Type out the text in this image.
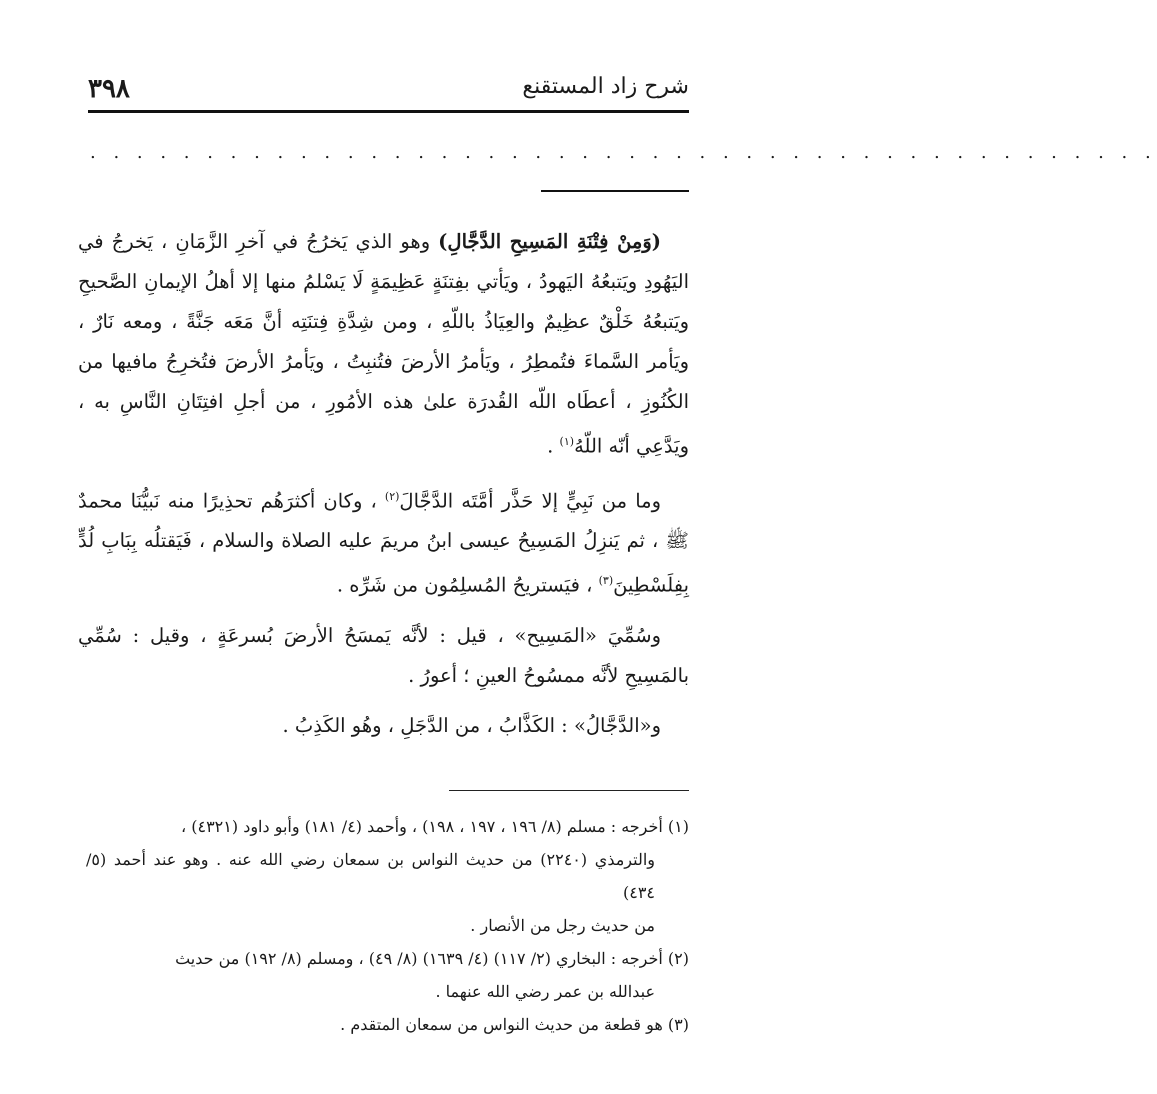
٣٩٨	شرح زاد المستقنع
. . . . . . . . . . . . . . . . . . . . . . . . . . . . . . . . . . . . . . . . . . . . . .

(وَمِنْ فِتْنَةِ المَسِيحِ الدَّجَّالِ) وهو الذي يَخرُجُ في آخرِ الزَّمَانِ ، يَخرجُ في اليَهُودِ ويَتبعُهُ اليَهودُ ، ويَأتي بفِتنَةٍ عَظِيمَةٍ لَا يَسْلمُ منها إلا أهلُ الإيمانِ الصَّحيحِ ويَتبعُهُ خَلْقٌ عظِيمٌ والعِيَاذُ باللّهِ ، ومن شِدَّةِ فِتنَتِه أنَّ مَعَه جَنَّةً ، ومعه نَارٌ ، ويَأمر السَّماءَ فتُمطِرُ ، ويَأمرُ الأرضَ فتُنبِتُ ، ويَأمرُ الأرضَ فتُخرِجُ مافيها من الكُنُوزِ ، أعطَاه اللّه القُدرَة علىٰ هذه الأمُورِ ، من أجلِ افتِتَانِ النَّاسِ به ، ويَدَّعِي أنّه اللّهُ$^{(١)}$ .

وما من نَبِيٍّ إلا حَذَّر أمَّتَه الدَّجَّالَ$^{(٢)}$ ، وكان أكثرَهُم تحذِيرًا منه نَبيُّنَا محمدٌ ﷺ ، ثم يَنزِلُ المَسِيحُ عيسى ابنُ مريمَ عليه الصلاة والسلام ، فَيَقتلُه بِبَابِ لُدٍّ بِفِلَسْطِينَ$^{(٣)}$ ، فيَستريحُ المُسلِمُون من شَرِّه .

وسُمِّيَ «المَسِيح» ، قيل : لأنَّه يَمسَحُ الأرضَ بُسرعَةٍ ، وقيل : سُمِّي بالمَسِيحِ لأنَّه ممسُوحُ العينِ ؛ أعورُ .

و«الدَّجَّالُ» : الكَذَّابُ ، من الدَّجَلِ ، وهُو الكَذِبُ .

(١) أخرجه : مسلم (٨/ ١٩٦ ، ١٩٧ ، ١٩٨) ، وأحمد (٤/ ١٨١) وأبو داود (٤٣٢١) ،

والترمذي (٢٢٤٠) من حديث النواس بن سمعان رضي الله عنه . وهو عند أحمد (٥/ ٤٣٤)

من حديث رجل من الأنصار .

(٢) أخرجه : البخاري (٢/ ١١٧) (٤/ ١٦٣٩) (٨/ ٤٩) ، ومسلم (٨/ ١٩٢) من حديث

عبدالله بن عمر رضي الله عنهما .

(٣) هو قطعة من حديث النواس من سمعان المتقدم .
